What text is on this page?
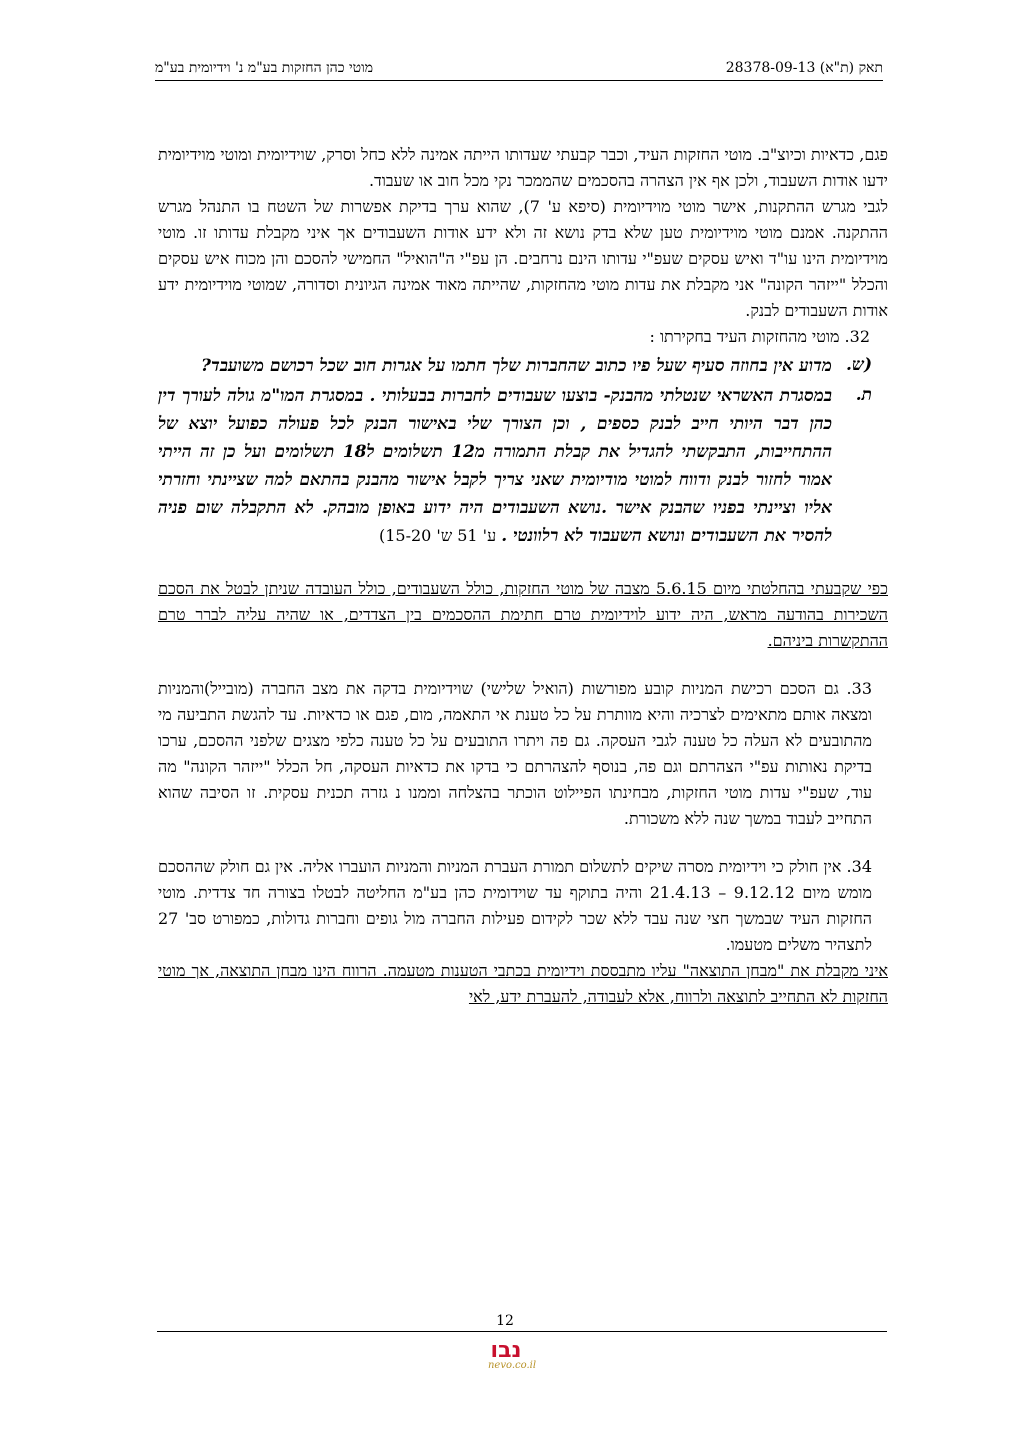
מוטי כהן החזקות בע"מ נ' וידיומית בע"מ	תאק (ת"א) 28378-09-13

פגם, כדאיות וכיוצ"ב. מוטי החזקות העיד, וכבר קבעתי שעדותו הייתה אמינה ללא כחל וסרק, שוידיומית ומוטי מוידיומית ידעו אודות השעבוד, ולכן אף אין הצהרה בהסכמים שהממכר נקי מכל חוב או שעבוד.

לגבי מגרש ההתקנות, אישר מוטי מוידיומית (סיפא ע' 7), שהוא ערך בדיקת אפשרות של השטח בו התנהל מגרש ההתקנה. אמנם מוטי מוידיומית טען שלא בדק נושא זה ולא ידע אודות השעבודים אך איני מקבלת עדותו זו. מוטי מוידיומית הינו עו"ד ואיש עסקים שעפ"י עדותו הינם נרחבים. הן עפ"י ה"הואיל" החמישי להסכם והן מכוח איש עסקים והכלל "ייזהר הקונה" אני מקבלת את עדות מוטי מהחזקות, שהייתה מאוד אמינה הגיונית וסדורה, שמוטי מוידיומית ידע אודות השעבודים לבנק.

32. מוטי מהחזקות העיד בחקירתו :

(ש.
מדוע אין בחוזה סעיף שעל פיו כתוב שהחברות שלך חתמו על אגרות חוב שכל רכושם משועבד?
ת.
במסגרת האשראי שנטלתי מהבנק- בוצעו שעבודים לחברות בבעלותי . במסגרת המו"מ גולה לעורך דין כהן דבר היותי חייב לבנק כספים , וכן הצורך שלי באישור הבנק לכל פעולה כפועל יוצא של ההתחייבות, התבקשתי להגדיל את קבלת התמורה מ12 תשלומים ל18 תשלומים ועל כן זה הייתי אמור לחזור לבנק ודווח למוטי מודיומית שאני צריך לקבל אישור מהבנק בהתאם למה שציינתי וחזרתי אליו וציינתי בפניו שהבנק אישר .נושא השעבודים היה ידוע באופן מובהק. לא התקבלה שום פניה להסיר את השעבודים ונושא השעבוד לא רלוונטי . ע' 51 ש' 15-20)

כפי שקבעתי בהחלטתי מיום 5.6.15 מצבה של מוטי החזקות, כולל השעבודים, כולל העובדה שניתן לבטל את הסכם השכירות בהודעה מראש, היה ידוע לוידיומית טרם חתימת ההסכמים בין הצדדים, או שהיה עליה לברר טרם ההתקשרות ביניהם.

33. גם הסכם רכישת המניות קובע מפורשות (הואיל שלישי) שוידיומית בדקה את מצב החברה (מובייל)והמניות ומצאה אותם מתאימים לצרכיה והיא מוותרת על כל טענת אי התאמה, מום, פגם או כדאיות. עד להגשת התביעה מי מהתובעים לא העלה כל טענה לגבי העסקה. גם פה ויתרו התובעים על כל טענה כלפי מצגים שלפני ההסכם, ערכו בדיקת נאותות עפ"י הצהרתם וגם פה, בנוסף להצהרתם כי בדקו את כדאיות העסקה, חל הכלל "ייזהר הקונה" מה עוד, שעפ"י עדות מוטי החזקות, מבחינתו הפיילוט הוכתר בהצלחה וממנו נ גזרה תכנית עסקית. זו הסיבה שהוא התחייב לעבוד במשך שנה ללא משכורת.

34. אין חולק כי וידיומית מסרה שיקים לתשלום תמורת העברת המניות והמניות הועברו אליה. אין גם חולק שההסכם מומש מיום 9.12.12 – 21.4.13 והיה בתוקף עד שוידומית כהן בע"מ החליטה לבטלו בצורה חד צדדית. מוטי החזקות העיד שבמשך חצי שנה עבד ללא שכר לקידום פעילות החברה מול גופים וחברות גדולות, כמפורט סב' 27 לתצהיר משלים מטעמו.

איני מקבלת את "מבחן התוצאה" עליו מתבססת וידיומית בכתבי הטענות מטעמה. הרווח הינו מבחן התוצאה, אך מוטי החזקות לא התחייב לתוצאה ולרווח, אלא לעבודה, להעברת ידע, לאי

12
נבו
nevo.co.il
